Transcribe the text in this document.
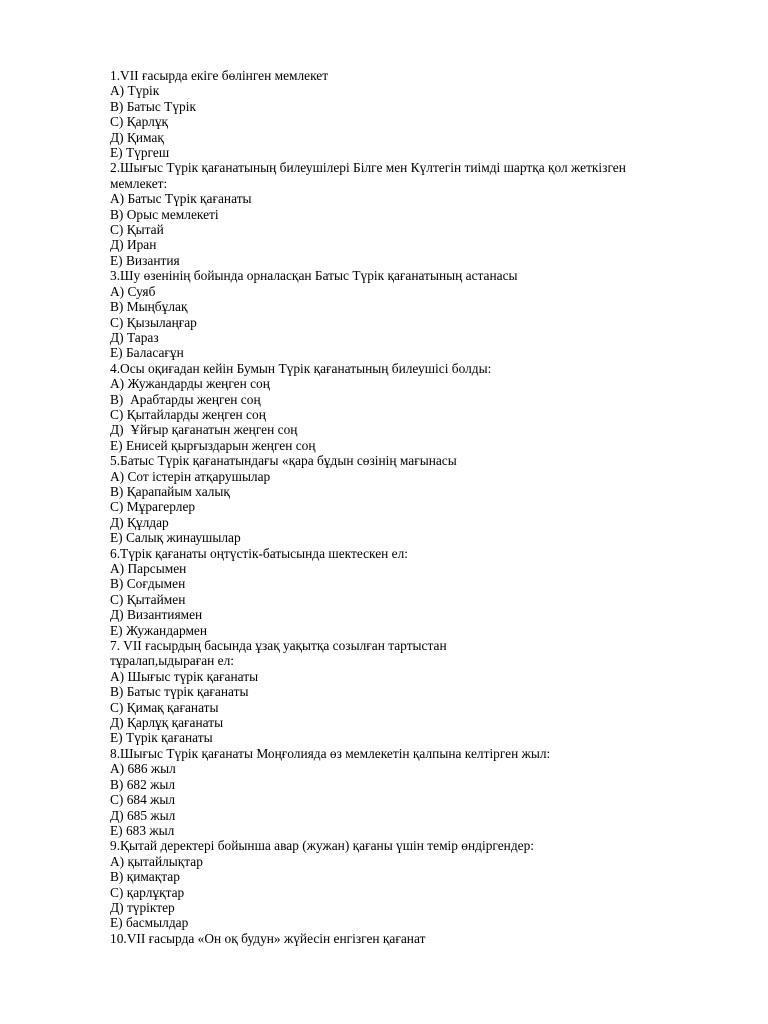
1.VII ғасырда екіге бөлінген мемлекет

А) Түрік

В) Батыс Түрік

С) Қарлұқ

Д) Қимақ

Е) Түргеш

2.Шығыс Түрік қағанатының билеушілері Білге мен Күлтегін тиімді шартқа қол жеткізген

мемлекет:

А) Батыс Түрік қағанаты

В) Орыс мемлекеті

С) Қытай

Д) Иран

Е) Византия

3.Шу өзенінің бойында орналасқан Батыс Түрік қағанатының астанасы

А) Суяб

В) Мыңбұлақ

С) Қызылаңғар

Д) Тараз

Е) Баласағұн

4.Осы оқиғадан кейін Бумын Түрік қағанатының билеушісі болды:

А) Жужандарды жеңген соң

В)  Арабтарды жеңген соң

С) Қытайларды жеңген соң

Д)  Ұйғыр қағанатын жеңген соң

Е) Енисей қырғыздарын жеңген соң

5.Батыс Түрік қағанатындағы «қара бұдын сөзінің мағынасы

А) Сот істерін атқарушылар

В) Қарапайым халық

С) Мұрагерлер

Д) Құлдар

Е) Салық жинаушылар

6.Түрік қағанаты оңтүстік-батысында шектескен ел:

А) Парсымен

В) Соғдымен

С) Қытаймен

Д) Византиямен

Е) Жужандармен

7. VII ғасырдың басында ұзақ уақытқа созылған тартыстан

тұралап,ыдыраған ел:

А) Шығыс түрік қағанаты

В) Батыс түрік қағанаты

С) Қимақ қағанаты

Д) Қарлұқ қағанаты

Е) Түрік қағанаты

8.Шығыс Түрік қағанаты Моңғолияда өз мемлекетін қалпына келтірген жыл:

А) 686 жыл

В) 682 жыл

С) 684 жыл

Д) 685 жыл

Е) 683 жыл

9.Қытай деректері бойынша авар (жужан) қағаны үшін темір өндіргендер:

А) қытайлықтар

В) қимақтар

С) қарлұқтар

Д) түріктер

Е) басмылдар

10.VII ғасырда «Он оқ будун» жүйесін енгізген қағанат
